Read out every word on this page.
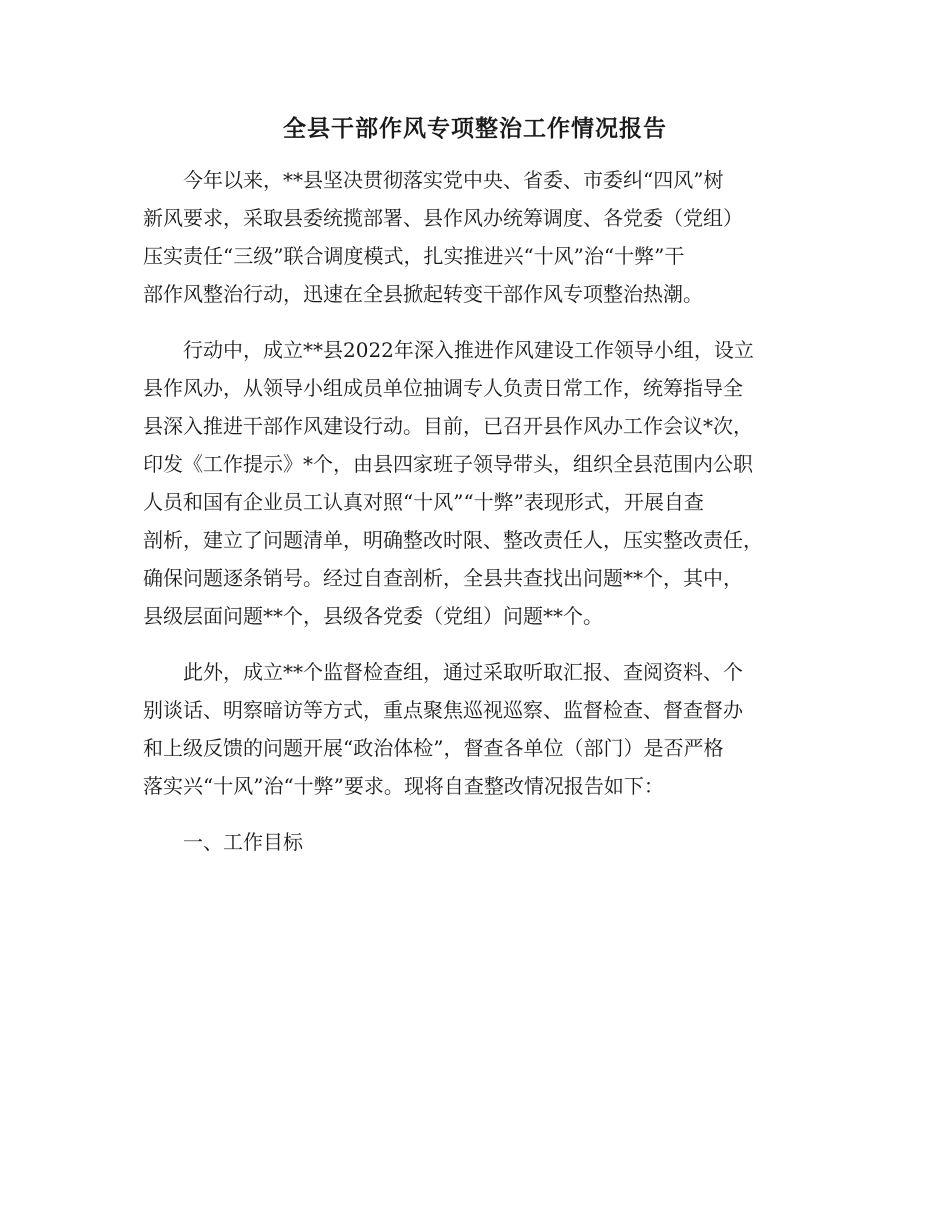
全县干部作风专项整治工作情况报告

今年以来，**县坚决贯彻落实党中央、省委、市委纠“四风”树
新风要求，采取县委统揽部署、县作风办统筹调度、各党委（党组）
压实责任“三级”联合调度模式，扎实推进兴“十风”治“十弊”干
部作风整治行动，迅速在全县掀起转变干部作风专项整治热潮。

行动中，成立**县2022年深入推进作风建设工作领导小组，设立
县作风办，从领导小组成员单位抽调专人负责日常工作，统筹指导全
县深入推进干部作风建设行动。目前，已召开县作风办工作会议*次，
印发《工作提示》*个，由县四家班子领导带头，组织全县范围内公职
人员和国有企业员工认真对照“十风”“十弊”表现形式，开展自查
剖析，建立了问题清单，明确整改时限、整改责任人，压实整改责任，
确保问题逐条销号。经过自查剖析，全县共查找出问题**个，其中，
县级层面问题**个，县级各党委（党组）问题**个。

此外，成立**个监督检查组，通过采取听取汇报、查阅资料、个
别谈话、明察暗访等方式，重点聚焦巡视巡察、监督检查、督查督办
和上级反馈的问题开展“政治体检”，督查各单位（部门）是否严格
落实兴“十风”治“十弊”要求。现将自查整改情况报告如下：

一、工作目标
